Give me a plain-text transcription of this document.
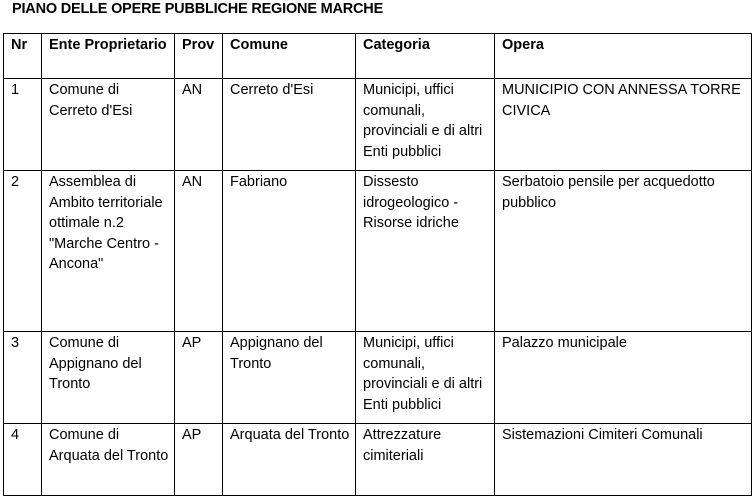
PIANO DELLE OPERE PUBBLICHE REGIONE MARCHE
Nr	Ente Proprietario	Prov	Comune	Categoria	Opera
1	Comune di Cerreto d'Esi	AN	Cerreto d'Esi	Municipi, uffici comunali, provinciali e di altri Enti pubblici	MUNICIPIO CON ANNESSA TORRE CIVICA
2	Assemblea di Ambito territoriale ottimale n.2 "Marche Centro - Ancona"	AN	Fabriano	Dissesto idrogeologico - Risorse idriche	Serbatoio pensile per acquedotto pubblico
3	Comune di Appignano del Tronto	AP	Appignano del Tronto	Municipi, uffici comunali, provinciali e di altri Enti pubblici	Palazzo municipale
4	Comune di Arquata del Tronto	AP	Arquata del Tronto	Attrezzature cimiteriali	Sistemazioni Cimiteri Comunali
